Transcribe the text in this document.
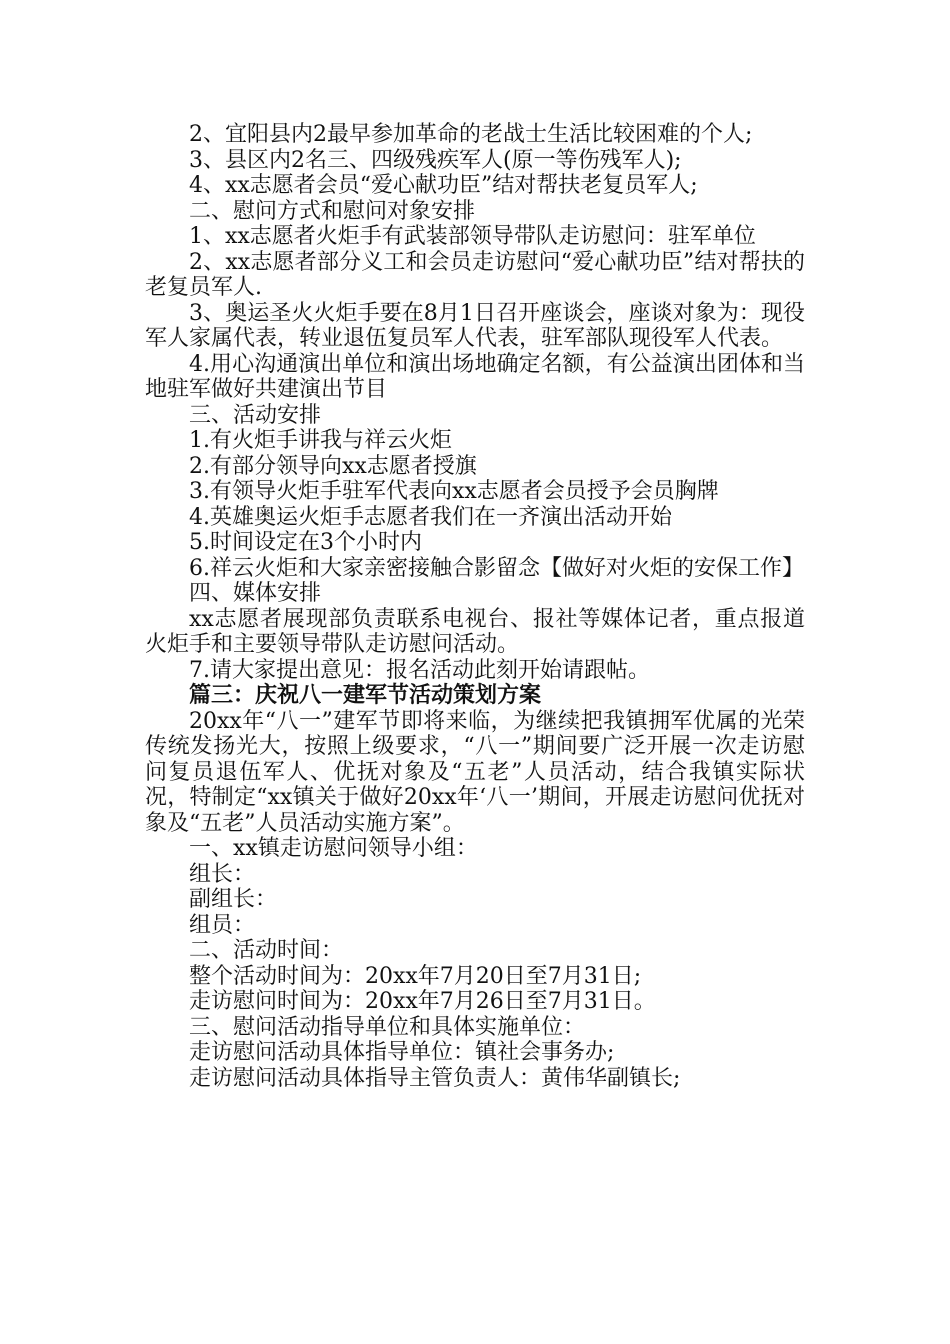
2、宜阳县内2最早参加革命的老战士生活比较困难的个人;

3、县区内2名三、四级残疾军人(原一等伤残军人);

4、xx志愿者会员“爱心献功臣”结对帮扶老复员军人;

二、慰问方式和慰问对象安排

1、xx志愿者火炬手有武装部领导带队走访慰问：驻军单位

2、xx志愿者部分义工和会员走访慰问“爱心献功臣”结对帮扶的老复员军人.

3、奥运圣火火炬手要在8月1日召开座谈会，座谈对象为：现役军人家属代表，转业退伍复员军人代表，驻军部队现役军人代表。

4.用心沟通演出单位和演出场地确定名额，有公益演出团体和当地驻军做好共建演出节目

三、活动安排

1.有火炬手讲我与祥云火炬

2.有部分领导向xx志愿者授旗

3.有领导火炬手驻军代表向xx志愿者会员授予会员胸牌

4.英雄奥运火炬手志愿者我们在一齐演出活动开始

5.时间设定在3个小时内

6.祥云火炬和大家亲密接触合影留念【做好对火炬的安保工作】

四、媒体安排

xx志愿者展现部负责联系电视台、报社等媒体记者，重点报道火炬手和主要领导带队走访慰问活动。

7.请大家提出意见：报名活动此刻开始请跟帖。

篇三：庆祝八一建军节活动策划方案

20xx年“八一”建军节即将来临，为继续把我镇拥军优属的光荣传统发扬光大，按照上级要求，“八一”期间要广泛开展一次走访慰问复员退伍军人、优抚对象及“五老”人员活动，结合我镇实际状况，特制定“xx镇关于做好20xx年‘八一’期间，开展走访慰问优抚对象及“五老”人员活动实施方案”。

一、xx镇走访慰问领导小组：

组长：

副组长：

组员：

二、活动时间：

整个活动时间为：20xx年7月20日至7月31日;

走访慰问时间为：20xx年7月26日至7月31日。

三、慰问活动指导单位和具体实施单位：

走访慰问活动具体指导单位：镇社会事务办;

走访慰问活动具体指导主管负责人：黄伟华副镇长;
